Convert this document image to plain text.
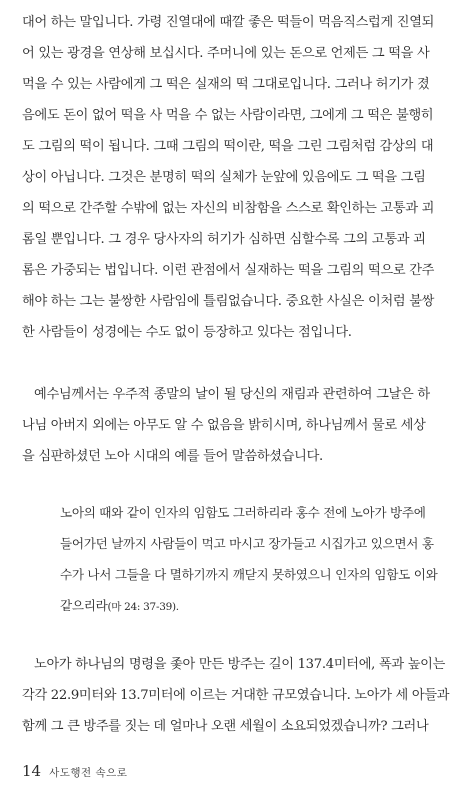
대어 하는 말입니다. 가령 진열대에 때깔 좋은 떡들이 먹음직스럽게 진열되
어 있는 광경을 연상해 보십시다. 주머니에 있는 돈으로 언제든 그 떡을 사
먹을 수 있는 사람에게 그 떡은 실재의 떡 그대로입니다. 그러나 허기가 졌
음에도 돈이 없어 떡을 사 먹을 수 없는 사람이라면, 그에게 그 떡은 불행히
도 그림의 떡이 됩니다. 그때 그림의 떡이란, 떡을 그린 그림처럼 감상의 대
상이 아닙니다. 그것은 분명히 떡의 실체가 눈앞에 있음에도 그 떡을 그림
의 떡으로 간주할 수밖에 없는 자신의 비참함을 스스로 확인하는 고통과 괴
롬일 뿐입니다. 그 경우 당사자의 허기가 심하면 심할수록 그의 고통과 괴
롬은 가중되는 법입니다. 이런 관점에서 실재하는 떡을 그림의 떡으로 간주
해야 하는 그는 불쌍한 사람임에 틀림없습니다. 중요한 사실은 이처럼 불쌍
한 사람들이 성경에는 수도 없이 등장하고 있다는 점입니다.
예수님께서는 우주적 종말의 날이 될 당신의 재림과 관련하여 그날은 하
나님 아버지 외에는 아무도 알 수 없음을 밝히시며, 하나님께서 물로 세상
을 심판하셨던 노아 시대의 예를 들어 말씀하셨습니다.
노아의 때와 같이 인자의 임함도 그러하리라 홍수 전에 노아가 방주에
들어가던 날까지 사람들이 먹고 마시고 장가들고 시집가고 있으면서 홍
수가 나서 그들을 다 멸하기까지 깨닫지 못하였으니 인자의 임함도 이와
같으리라(마 24: 37-39).
노아가 하나님의 명령을 좇아 만든 방주는 길이 137.4미터에, 폭과 높이는
각각 22.9미터와 13.7미터에 이르는 거대한 규모였습니다. 노아가 세 아들과
함께 그 큰 방주를 짓는 데 얼마나 오랜 세월이 소요되었겠습니까? 그러나
14 사도행전 속으로
